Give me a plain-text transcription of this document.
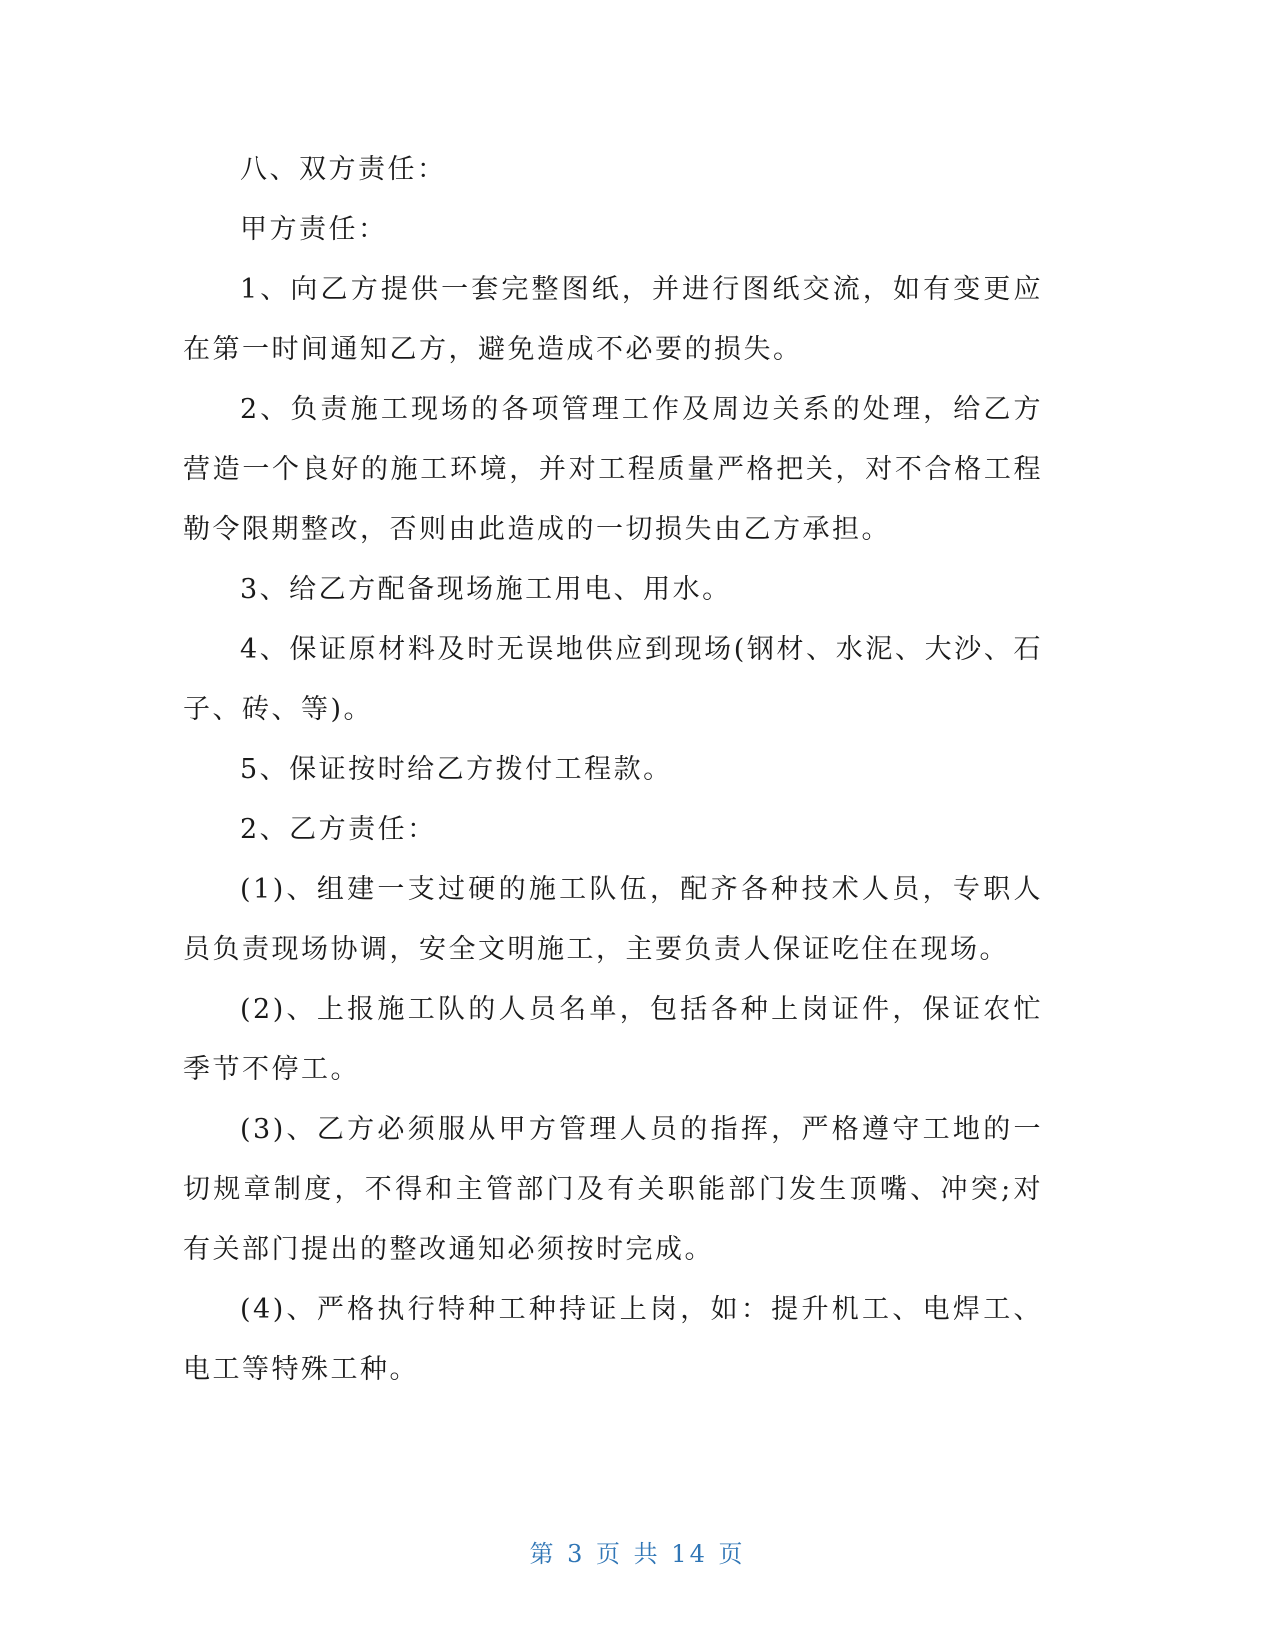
八、双方责任：

甲方责任：

1、向乙方提供一套完整图纸，并进行图纸交流，如有变更应在第一时间通知乙方，避免造成不必要的损失。

2、负责施工现场的各项管理工作及周边关系的处理，给乙方营造一个良好的施工环境，并对工程质量严格把关，对不合格工程勒令限期整改，否则由此造成的一切损失由乙方承担。

3、给乙方配备现场施工用电、用水。

4、保证原材料及时无误地供应到现场(钢材、水泥、大沙、石子、砖、等)。

5、保证按时给乙方拨付工程款。

2、乙方责任：

(1)、组建一支过硬的施工队伍，配齐各种技术人员，专职人员负责现场协调，安全文明施工，主要负责人保证吃住在现场。

(2)、上报施工队的人员名单，包括各种上岗证件，保证农忙季节不停工。

(3)、乙方必须服从甲方管理人员的指挥，严格遵守工地的一切规章制度，不得和主管部门及有关职能部门发生顶嘴、冲突;对有关部门提出的整改通知必须按时完成。

(4)、严格执行特种工种持证上岗，如：提升机工、电焊工、电工等特殊工种。

第 3 页 共 14 页
